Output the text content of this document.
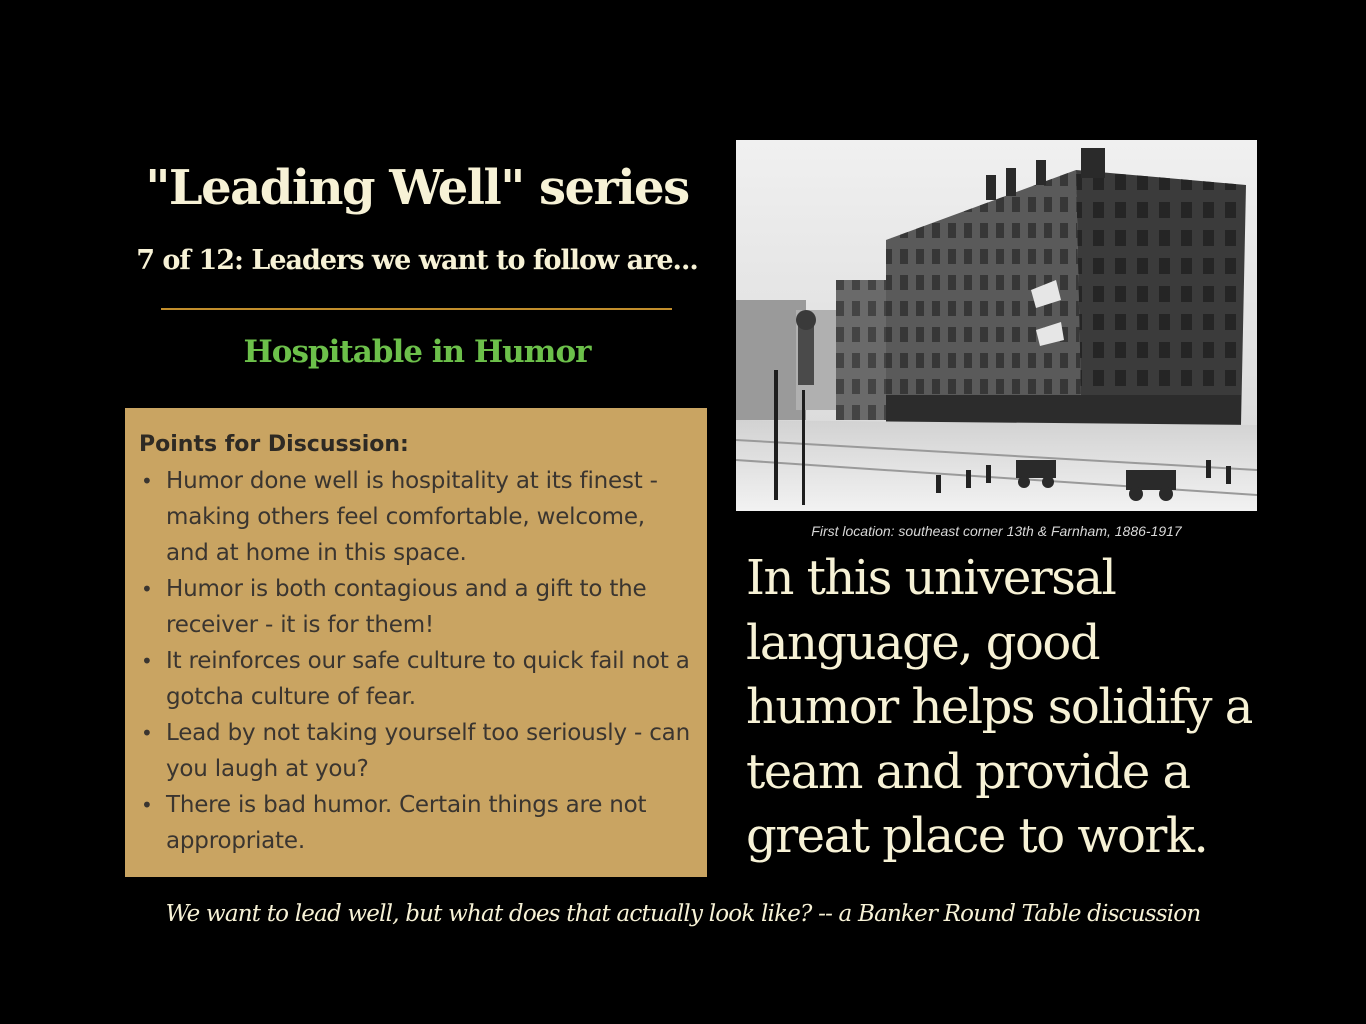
"Leading Well" series
7 of 12: Leaders we want to follow are...
Hospitable in Humor
Points for Discussion:
• Humor done well is hospitality at its finest - making others feel comfortable, welcome, and at home in this space.
• Humor is both contagious and a gift to the receiver - it is for them!
• It reinforces our safe culture to quick fail not a gotcha culture of fear.
• Lead by not taking yourself too seriously - can you laugh at you?
• There is bad humor. Certain things are not appropriate.
First location: southeast corner 13th & Farnham, 1886-1917
In this universal
language, good
humor helps solidify a
team and provide a
great place to work.
We want to lead well, but what does that actually look like? -- a Banker Round Table discussion
